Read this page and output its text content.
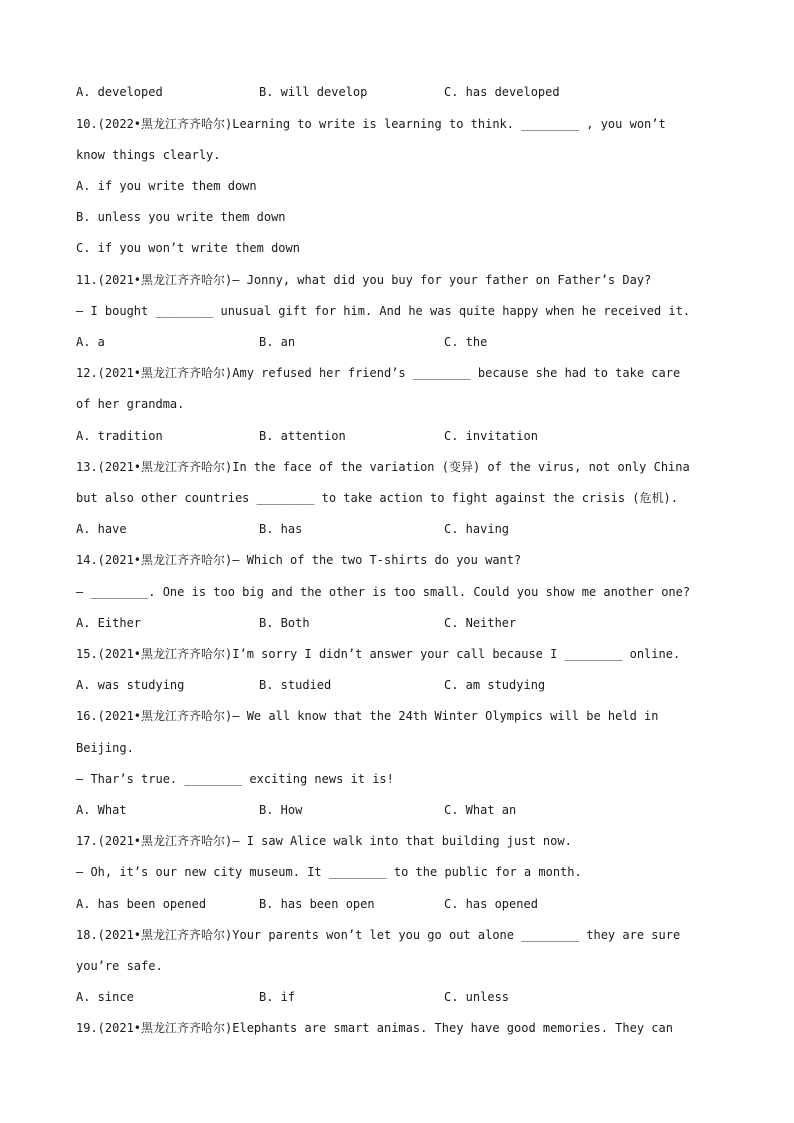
A. developed	B. will develop	C. has developed
10.(2022•黑龙江齐齐哈尔)Learning to write is learning to think. ________ , you won’t
know things clearly.
A. if you write them down
B. unless you write them down
C. if you won’t write them down
11.(2021•黑龙江齐齐哈尔)— Jonny, what did you buy for your father on Father’s Day?
— I bought ________ unusual gift for him. And he was quite happy when he received it.
A. a	B. an	C. the
12.(2021•黑龙江齐齐哈尔)Amy refused her friend’s ________ because she had to take care
of her grandma.
A. tradition	B. attention	C. invitation
13.(2021•黑龙江齐齐哈尔)In the face of the variation (变异) of the virus, not only China
but also other countries ________ to take action to fight against the crisis (危机).
A. have	B. has	C. having
14.(2021•黑龙江齐齐哈尔)— Which of the two T-shirts do you want?
— ________. One is too big and the other is too small. Could you show me another one?
A. Either	B. Both	C. Neither
15.(2021•黑龙江齐齐哈尔)I’m sorry I didn’t answer your call because I ________ online.
A. was studying	B. studied	C. am studying
16.(2021•黑龙江齐齐哈尔)— We all know that the 24th Winter Olympics will be held in
Beijing.
— Thar’s true. ________ exciting news it is!
A. What	B. How	C. What an
17.(2021•黑龙江齐齐哈尔)— I saw Alice walk into that building just now.
— Oh, it’s our new city museum. It ________ to the public for a month.
A. has been opened	B. has been open	C. has opened
18.(2021•黑龙江齐齐哈尔)Your parents won’t let you go out alone ________ they are sure
you’re safe.
A. since	B. if	C. unless
19.(2021•黑龙江齐齐哈尔)Elephants are smart animas. They have good memories. They can
